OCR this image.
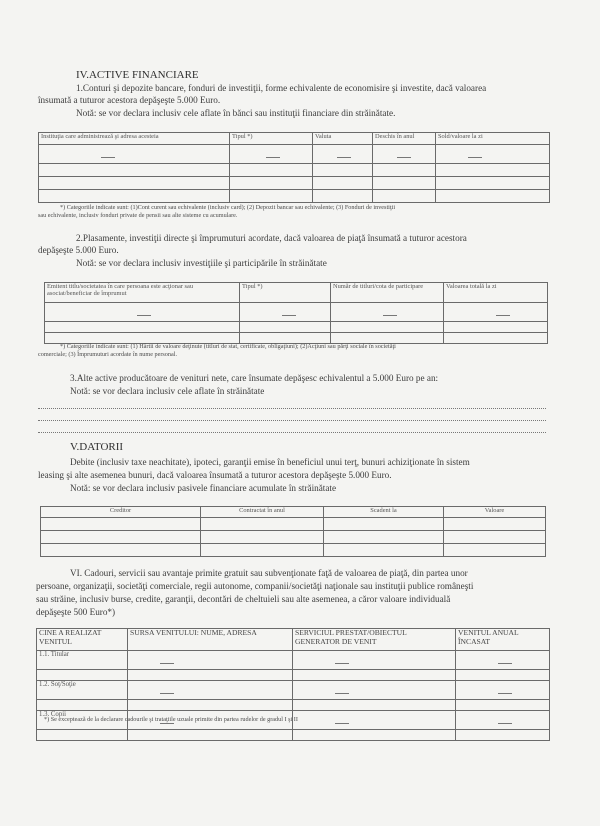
IV.ACTIVE FINANCIARE
1.Conturi şi depozite bancare, fonduri de investiţii, forme echivalente de economisire şi investite, dacă valoarea
însumată a tuturor acestora depăşeşte 5.000 Euro.
Notă: se vor declara inclusiv cele aflate în bănci sau instituţii financiare din străinătate.
Instituţia care administrează şi adresa acesteia	Tipul *)	Valuta	Deschis în anul	Sold/valoare la zi

*) Categoriile indicate sunt: (1)Cont curent sau echivalente (inclusiv card); (2) Depozit bancar sau echivalente; (3) Fonduri de investiţii
sau echivalente, inclusiv fonduri private de pensii sau alte sisteme cu acumulare.
2.Plasamente, investiţii directe şi împrumuturi acordate, dacă valoarea de piaţă însumată a tuturor acestora
depăşeşte 5.000 Euro.
Notă: se vor declara inclusiv investiţiile şi participările în străinătate
Emitent titlu/societatea în care persoana este acţionar sau asociat/beneficiar de împrumut	Tipul *)	Număr de titluri/cota de participare	Valoarea totală la zi

*) Categoriile indicate sunt: (1) Hârtii de valoare deţinute (titluri de stat, certificate, obligaţiuni); (2)Acţiuni sau părţi sociale în societăţi
comerciale; (3) Împrumuturi acordate în nume personal.
3.Alte active producătoare de venituri nete, care însumate depăşesc echivalentul a 5.000 Euro pe an:
Notă: se vor declara inclusiv cele aflate în străinătate
V.DATORII
Debite (inclusiv taxe neachitate), ipoteci, garanţii emise în beneficiul unui terţ, bunuri achiziţionate în sistem
leasing şi alte asemenea bunuri, dacă valoarea însumată a tuturor acestora depăşeşte 5.000 Euro.
Notă: se vor declara inclusiv pasivele financiare acumulate în străinătate
Creditor	Contractat în anul	Scadent la	Valoare

VI. Cadouri, servicii sau avantaje primite gratuit sau subvenţionate faţă de valoarea de piaţă, din partea unor
persoane, organizaţii, societăţi comerciale, regii autonome, companii/societăţi naţionale sau instituţii publice româneşti
sau străine, inclusiv burse, credite, garanţii, decontări de cheltuieli sau alte asemenea, a căror valoare individuală
depăşeşte 500 Euro*)
CINE A REALIZAT VENITUL	SURSA VENITULUI: NUME, ADRESA	SERVICIUL PRESTAT/OBIECTUL GENERATOR DE VENIT	VENITUL ANUAL ÎNCASAT
1.1. Titular			

1.2. Soţ/Soţie			

1.3. Copii			

*) Se exceptează de la declarare cadourile şi trataţiile uzuale primite din partea rudelor de gradul I şi II
